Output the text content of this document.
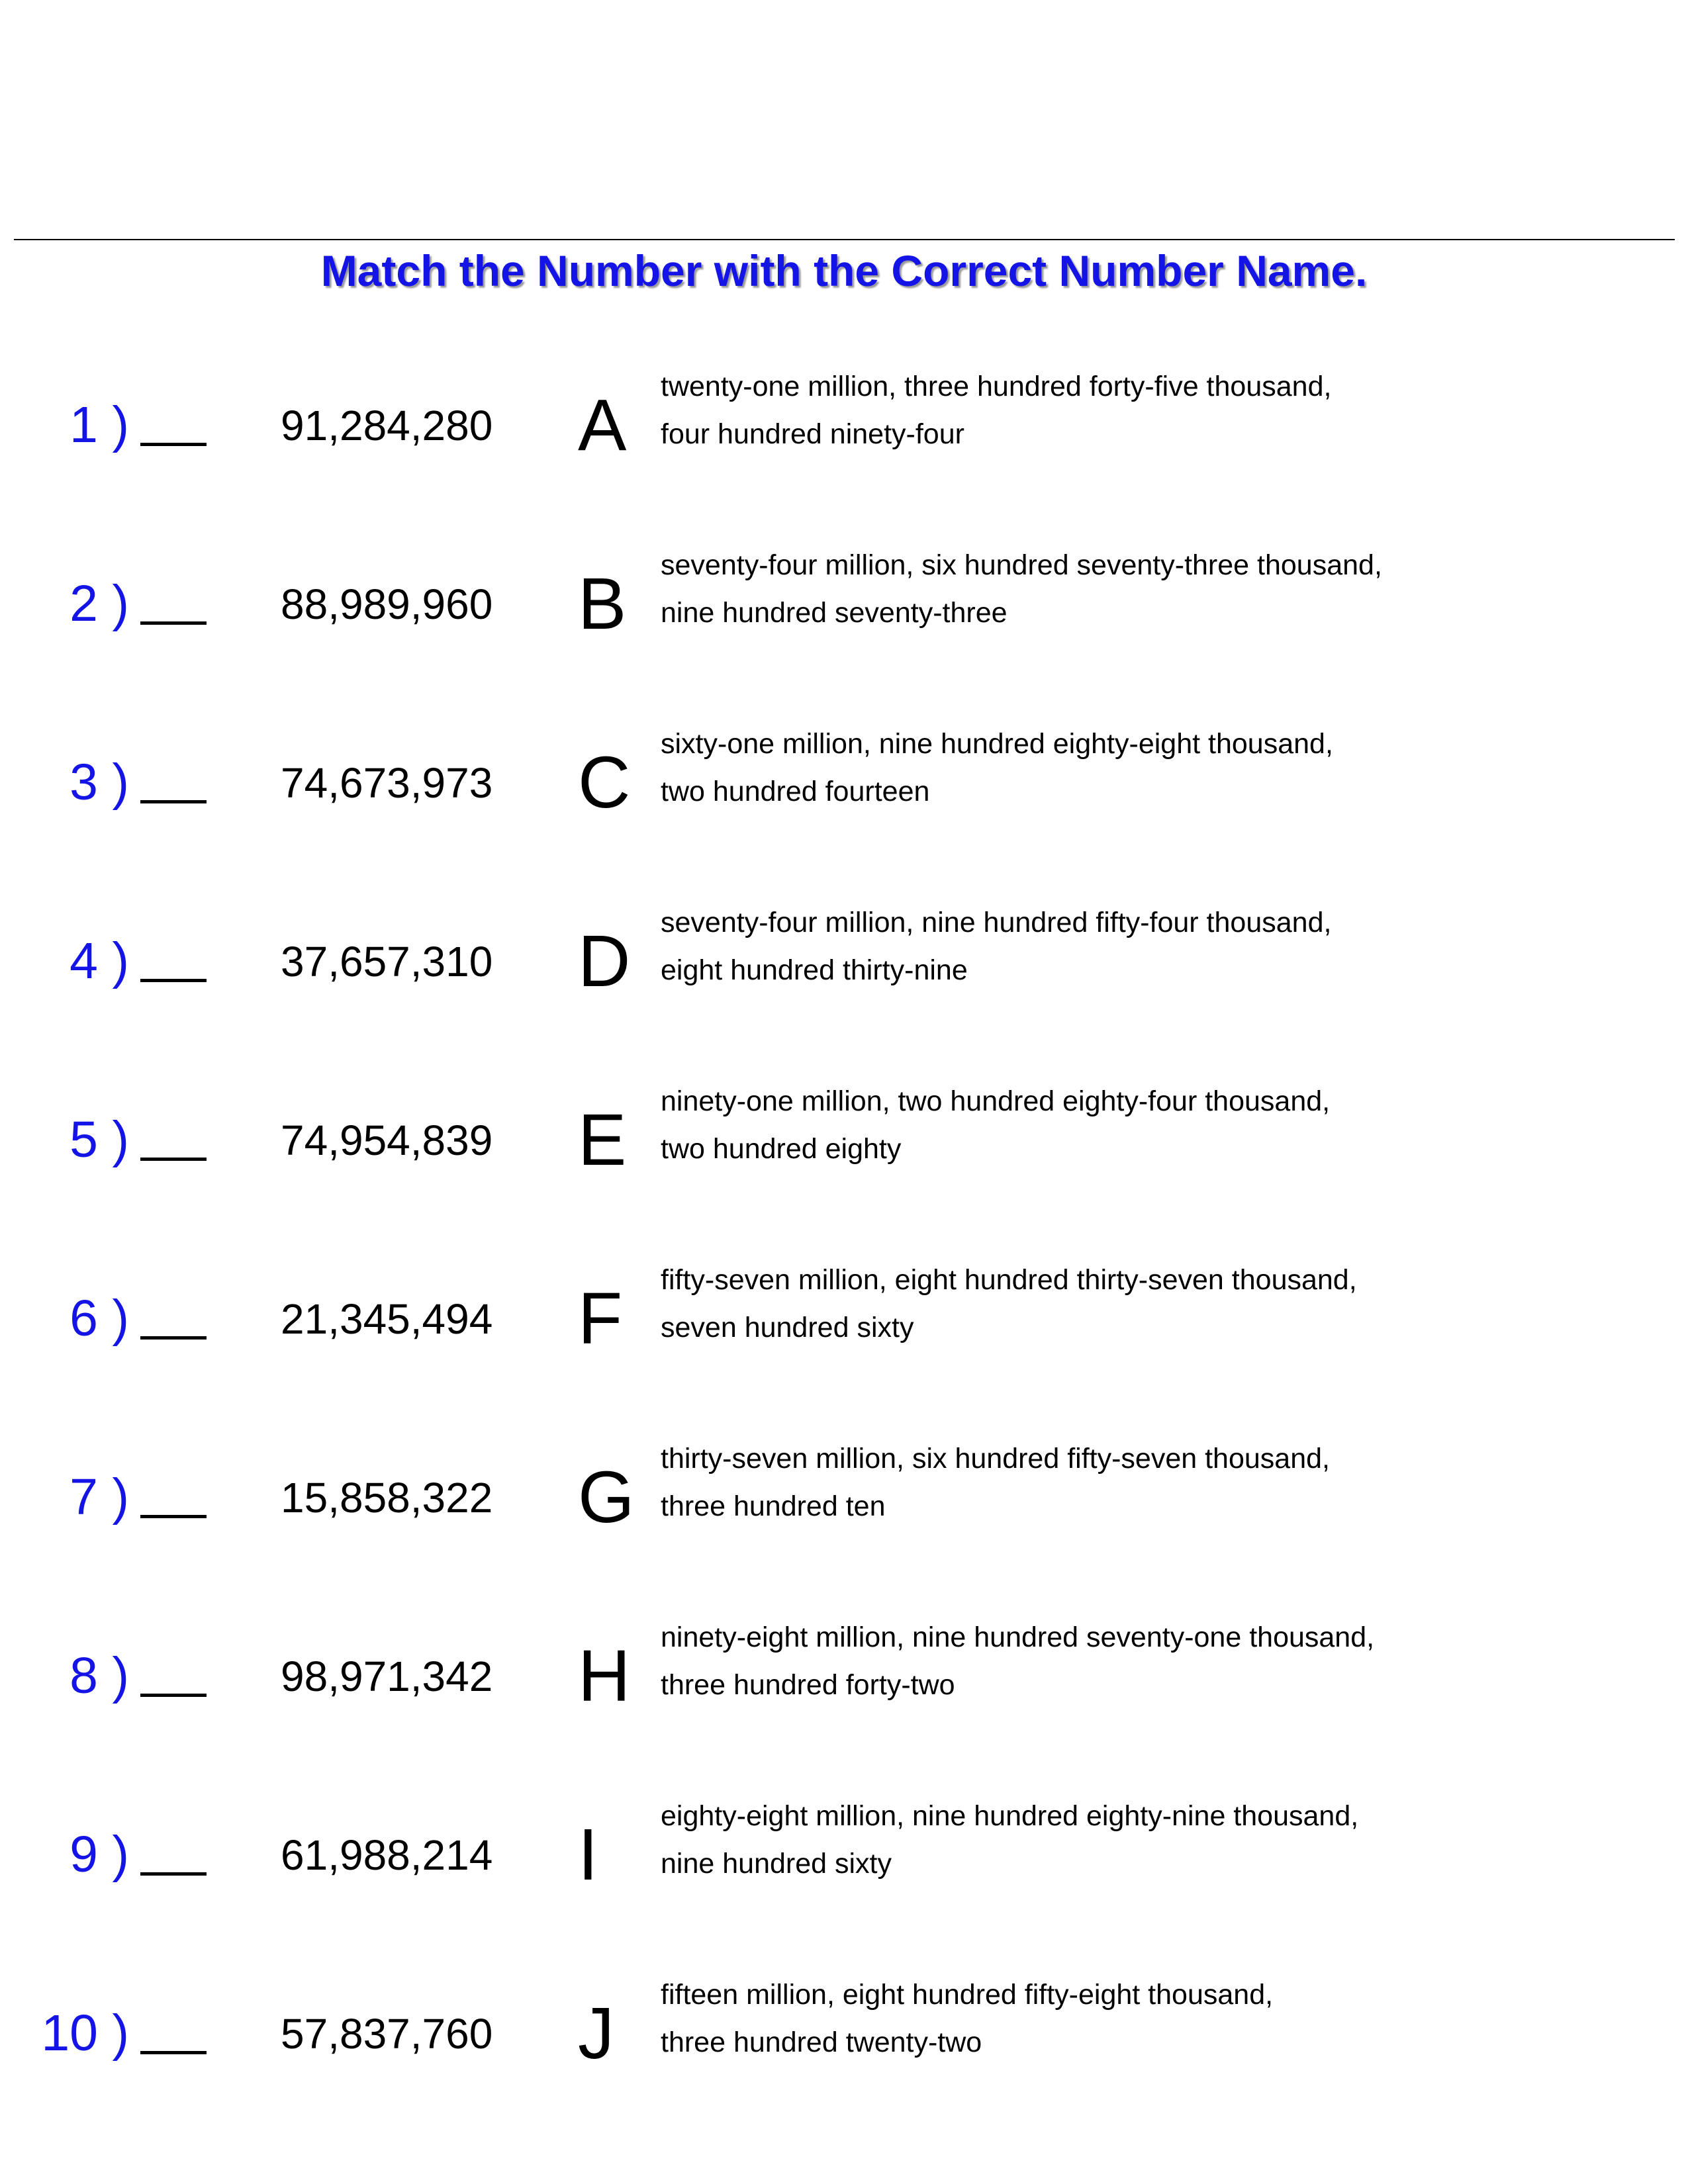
Match the Number with the Correct Number Name.
1 )	91,284,280 A twenty-one million, three hundred forty-five thousand,
four hundred ninety-four
2 )	88,989,960 B seventy-four million, six hundred seventy-three thousand,
nine hundred seventy-three
3 )	74,673,973 C sixty-one million, nine hundred eighty-eight thousand,
two hundred fourteen
4 )	37,657,310 D seventy-four million, nine hundred fifty-four thousand,
eight hundred thirty-nine
5 )	74,954,839 E ninety-one million, two hundred eighty-four thousand,
two hundred eighty
6 )	21,345,494 F fifty-seven million, eight hundred thirty-seven thousand,
seven hundred sixty
7 )	15,858,322 G thirty-seven million, six hundred fifty-seven thousand,
three hundred ten
8 )	98,971,342 H ninety-eight million, nine hundred seventy-one thousand,
three hundred forty-two
9 )	61,988,214 I eighty-eight million, nine hundred eighty-nine thousand,
nine hundred sixty
10 )	57,837,760 J fifteen million, eight hundred fifty-eight thousand,
three hundred twenty-two
